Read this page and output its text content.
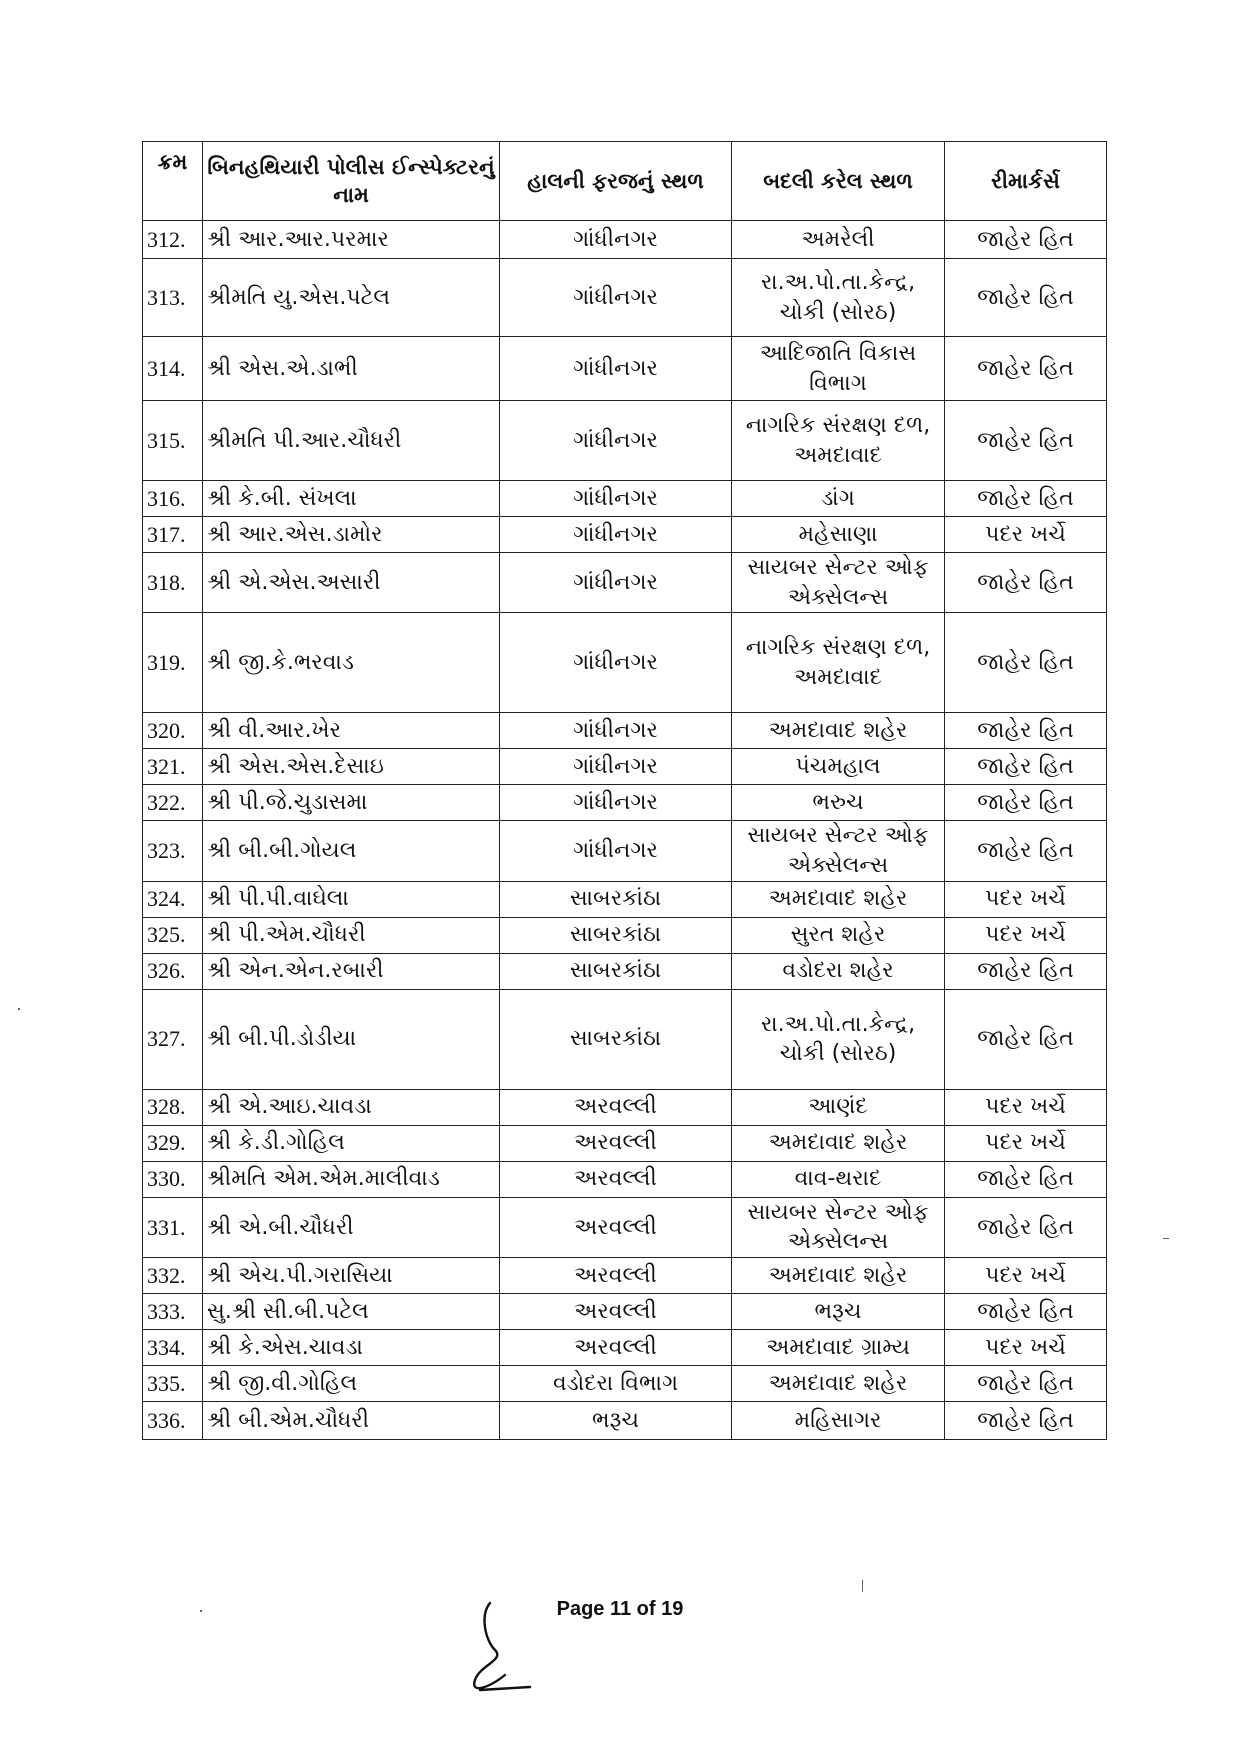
ક્રમ	બિનહથિયારી પોલીસ ઈન્સ્પેક્ટરનું નામ	હાલની ફરજનું સ્થળ	બદલી કરેલ સ્થળ	રીમાર્કર્સ
312.	શ્રી આર.આર.પરમાર	ગાંધીનગર	અમરેલી	જાહેર હિત
313.	શ્રીમતિ યુ.એસ.પટેલ	ગાંધીનગર	રા.અ.પો.તા.કેન્દ્ર, ચોકી (સોરઠ)	જાહેર હિત
314.	શ્રી એસ.એ.ડાભી	ગાંધીનગર	આદિજાતિ વિકાસ વિભાગ	જાહેર હિત
315.	શ્રીમતિ પી.આર.ચૌધરી	ગાંધીનગર	નાગરિક સંરક્ષણ દળ, અમદાવાદ	જાહેર હિત
316.	શ્રી કે.બી. સંખલા	ગાંધીનગર	ડાંગ	જાહેર હિત
317.	શ્રી આર.એસ.ડામોર	ગાંધીનગર	મહેસાણા	પદર ખર્ચે
318.	શ્રી એ.એસ.અસારી	ગાંધીનગર	સાયબર સેન્ટર ઓફ એક્સેલન્સ	જાહેર હિત
319.	શ્રી જી.કે.ભરવાડ	ગાંધીનગર	નાગરિક સંરક્ષણ દળ, અમદાવાદ	જાહેર હિત
320.	શ્રી વી.આર.ખેર	ગાંધીનગર	અમદાવાદ શહેર	જાહેર હિત
321.	શ્રી એસ.એસ.દેસાઇ	ગાંધીનગર	પંચમહાલ	જાહેર હિત
322.	શ્રી પી.જે.ચુડાસમા	ગાંધીનગર	ભરુચ	જાહેર હિત
323.	શ્રી બી.બી.ગોયલ	ગાંધીનગર	સાયબર સેન્ટર ઓફ એક્સેલન્સ	જાહેર હિત
324.	શ્રી પી.પી.વાઘેલા	સાબરકાંઠા	અમદાવાદ શહેર	પદર ખર્ચે
325.	શ્રી પી.એમ.ચૌધરી	સાબરકાંઠા	સુરત શહેર	પદર ખર્ચે
326.	શ્રી એન.એન.રબારી	સાબરકાંઠા	વડોદરા શહેર	જાહેર હિત
327.	શ્રી બી.પી.ડોડીયા	સાબરકાંઠા	રા.અ.પો.તા.કેન્દ્ર, ચોકી (સોરઠ)	જાહેર હિત
328.	શ્રી એ.આઇ.ચાવડા	અરવલ્લી	આણંદ	પદર ખર્ચે
329.	શ્રી કે.ડી.ગોહિલ	અરવલ્લી	અમદાવાદ શહેર	પદર ખર્ચે
330.	શ્રીમતિ એમ.એમ.માલીવાડ	અરવલ્લી	વાવ-થરાદ	જાહેર હિત
331.	શ્રી એ.બી.ચૌધરી	અરવલ્લી	સાયબર સેન્ટર ઓફ એક્સેલન્સ	જાહેર હિત
332.	શ્રી એચ.પી.ગરાસિયા	અરવલ્લી	અમદાવાદ શહેર	પદર ખર્ચે
333.	સુ.શ્રી સી.બી.પટેલ	અરવલ્લી	ભરૂચ	જાહેર હિત
334.	શ્રી કે.એસ.ચાવડા	અરવલ્લી	અમદાવાદ ગ્રામ્ય	પદર ખર્ચે
335.	શ્રી જી.વી.ગોહિલ	વડોદરા વિભાગ	અમદાવાદ શહેર	જાહેર હિત
336.	શ્રી બી.એમ.ચૌધરી	ભરૂચ	મહિસાગર	જાહેર હિત
Page 11 of 19
